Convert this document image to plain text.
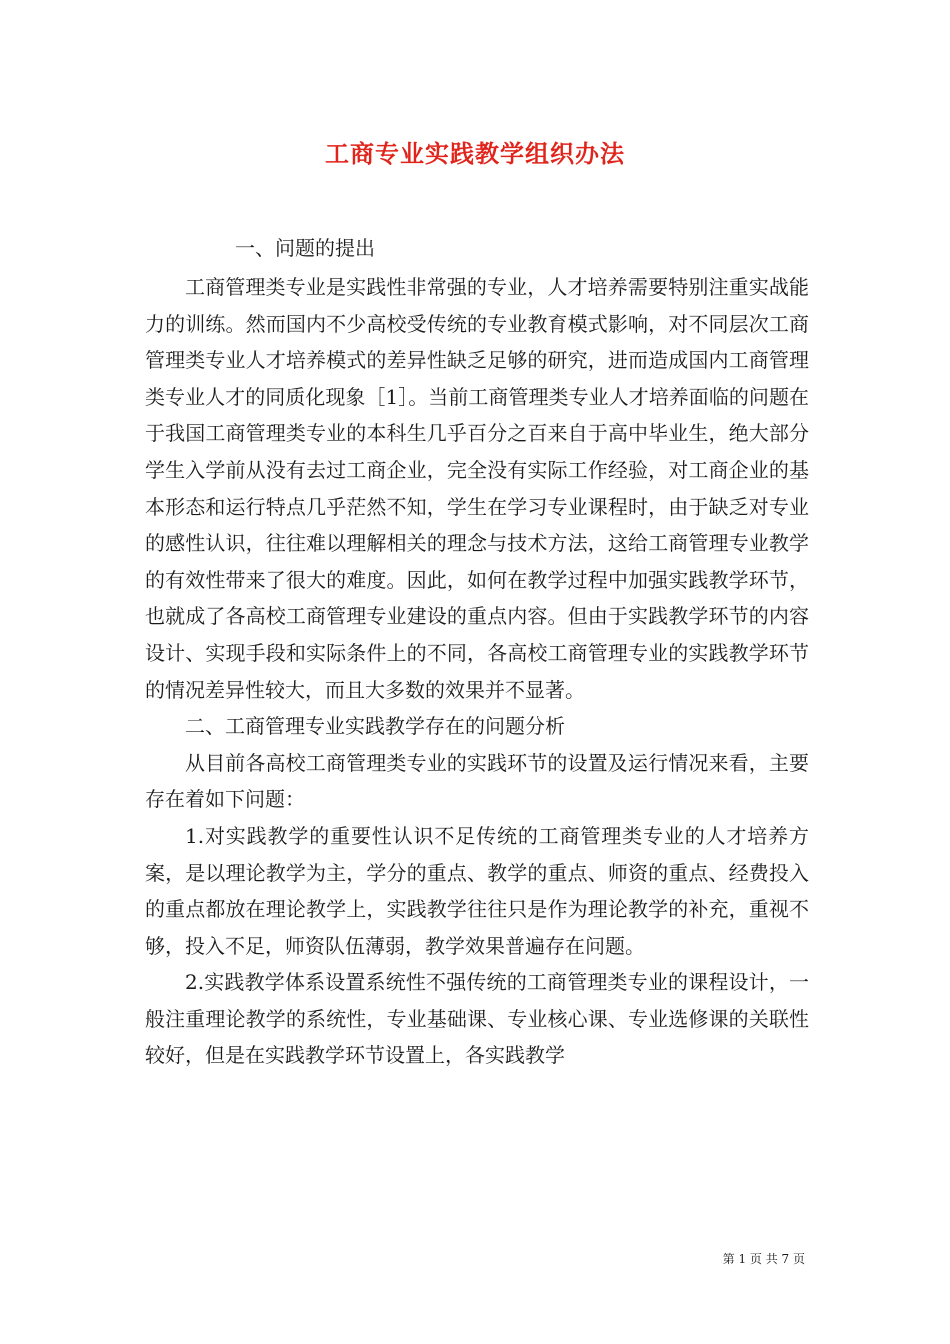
工商专业实践教学组织办法

一、问题的提出

工商管理类专业是实践性非常强的专业，人才培养需要特别注重实战能力的训练。然而国内不少高校受传统的专业教育模式影响，对不同层次工商管理类专业人才培养模式的差异性缺乏足够的研究，进而造成国内工商管理类专业人才的同质化现象［1］。当前工商管理类专业人才培养面临的问题在于我国工商管理类专业的本科生几乎百分之百来自于高中毕业生，绝大部分学生入学前从没有去过工商企业，完全没有实际工作经验，对工商企业的基本形态和运行特点几乎茫然不知，学生在学习专业课程时，由于缺乏对专业的感性认识，往往难以理解相关的理念与技术方法，这给工商管理专业教学的有效性带来了很大的难度。因此，如何在教学过程中加强实践教学环节，也就成了各高校工商管理专业建设的重点内容。但由于实践教学环节的内容设计、实现手段和实际条件上的不同，各高校工商管理专业的实践教学环节的情况差异性较大，而且大多数的效果并不显著。

二、工商管理专业实践教学存在的问题分析

从目前各高校工商管理类专业的实践环节的设置及运行情况来看，主要存在着如下问题：

1.对实践教学的重要性认识不足传统的工商管理类专业的人才培养方案，是以理论教学为主，学分的重点、教学的重点、师资的重点、经费投入的重点都放在理论教学上，实践教学往往只是作为理论教学的补充，重视不够，投入不足，师资队伍薄弱，教学效果普遍存在问题。

2.实践教学体系设置系统性不强传统的工商管理类专业的课程设计，一般注重理论教学的系统性，专业基础课、专业核心课、专业选修课的关联性较好，但是在实践教学环节设置上，各实践教学

第 1 页 共 7 页
